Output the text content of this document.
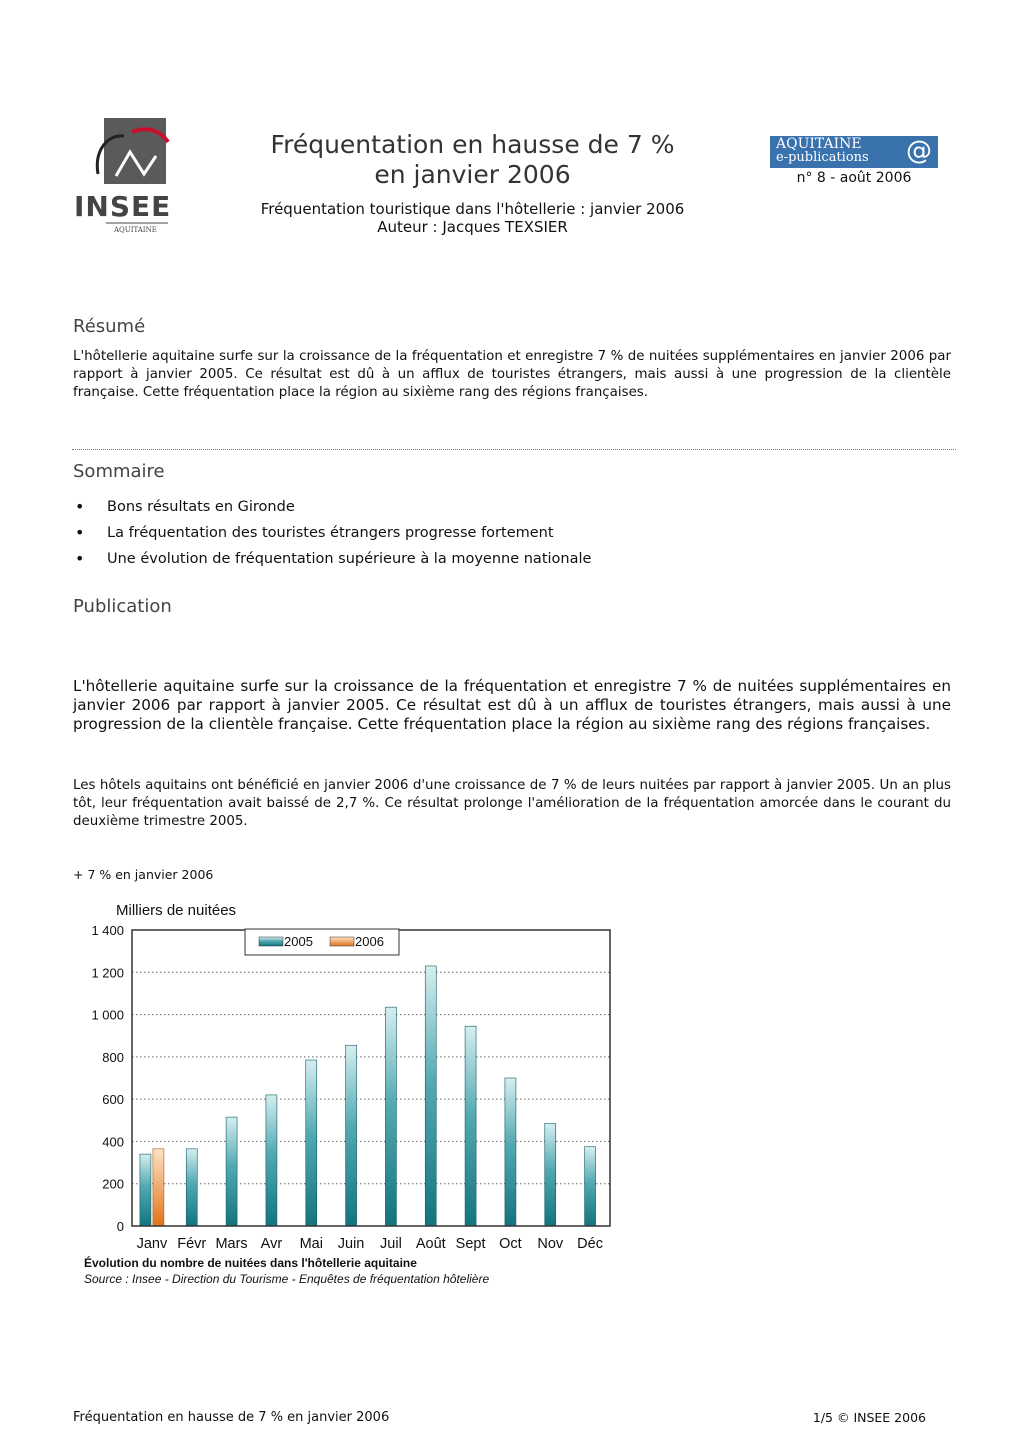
INSEE
AQUITAINE
Fréquentation en hausse de 7 %
en janvier 2006
Fréquentation touristique dans l'hôtellerie : janvier 2006
Auteur : Jacques TEXSIER
AQUITAINE
e-publications @
n° 8 - août 2006
Résumé

L'hôtellerie aquitaine surfe sur la croissance de la fréquentation et enregistre 7 % de nuitées supplémentaires en janvier 2006 par rapport à janvier 2005. Ce résultat est dû à un afflux de touristes étrangers, mais aussi à une progression de la clientèle française. Cette fréquentation place la région au sixième rang des régions françaises.

Sommaire
• Bons résultats en Gironde
• La fréquentation des touristes étrangers progresse fortement
• Une évolution de fréquentation supérieure à la moyenne nationale
Publication

L'hôtellerie aquitaine surfe sur la croissance de la fréquentation et enregistre 7 % de nuitées supplémentaires en janvier 2006 par rapport à janvier 2005. Ce résultat est dû à un afflux de touristes étrangers, mais aussi à une progression de la clientèle française. Cette fréquentation place la région au sixième rang des régions françaises.

Les hôtels aquitains ont bénéficié en janvier 2006 d'une croissance de 7 % de leurs nuitées par rapport à janvier 2005. Un an plus tôt, leur fréquentation avait baissé de 2,7 %. Ce résultat prolonge l'amélioration de la fréquentation amorcée dans le courant du deuxième trimestre 2005.

+ 7 % en janvier 2006
0
200
400
600
800
1 000
1 200
1 400
Janv Févr Mars Avr Mai Juin Juil Août Sept Oct Nov Déc
Milliers de nuitées
2005	2006
Évolution du nombre de nuitées dans l'hôtellerie aquitaine
Source : Insee - Direction du Tourisme - Enquêtes de fréquentation hôtelière
Fréquentation en hausse de 7 % en janvier 2006	1/5 © INSEE 2006
